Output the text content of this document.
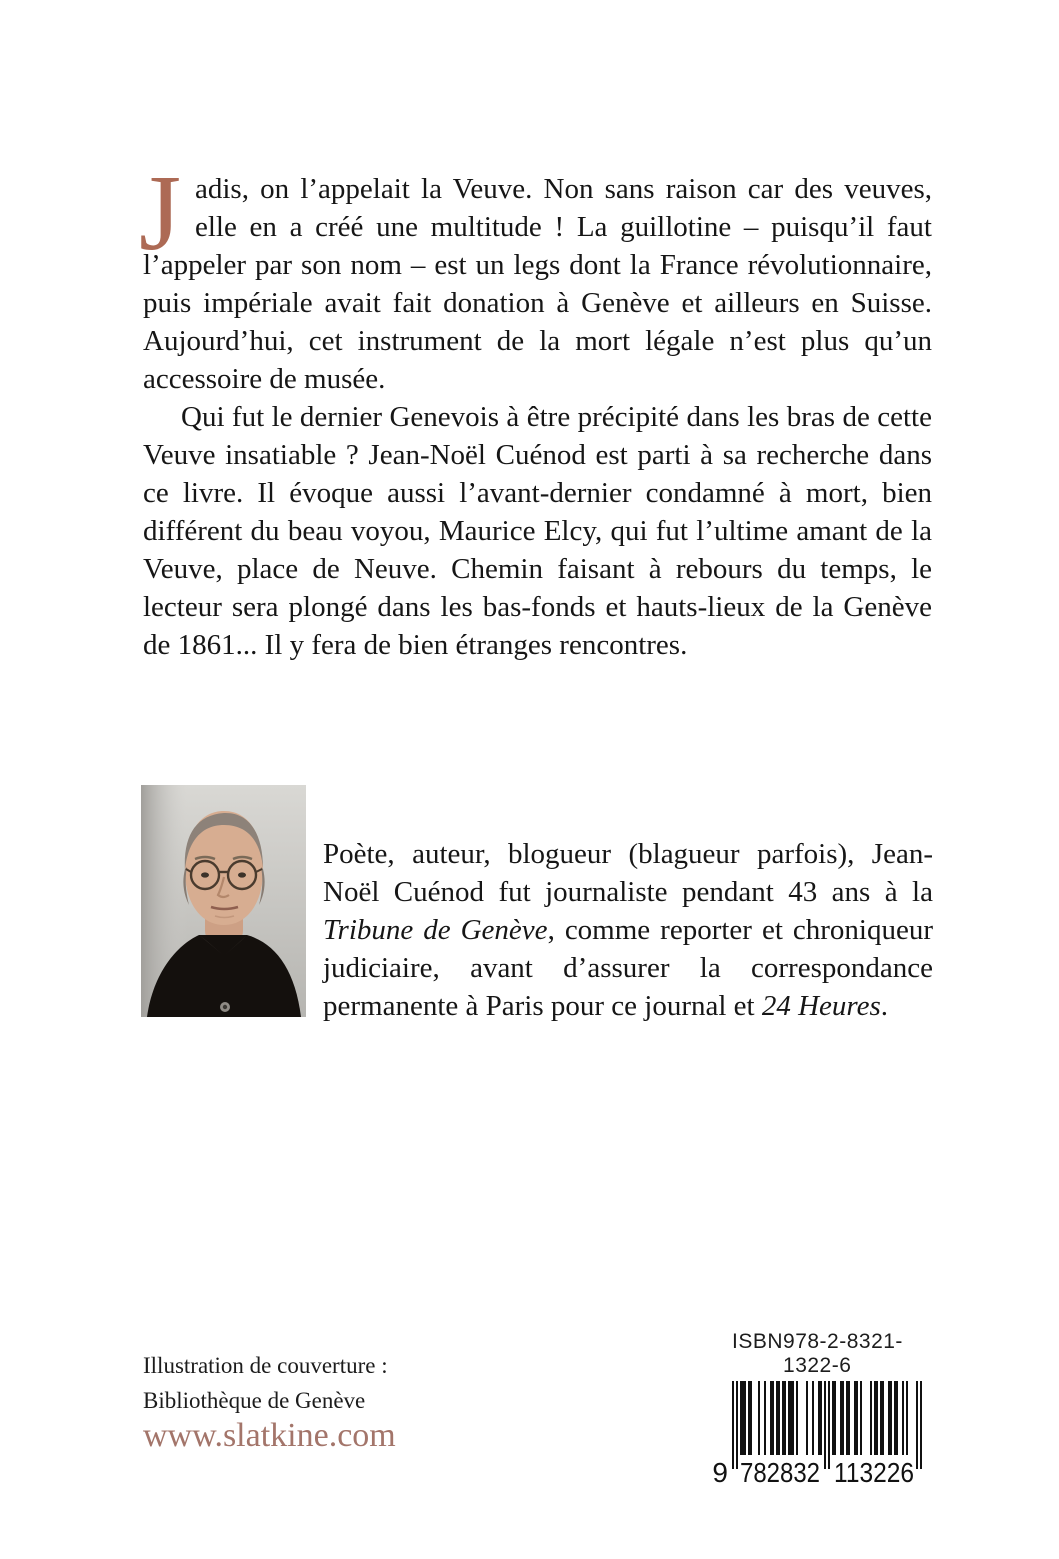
J adis, on l’appelait la Veuve. Non sans raison car des veuves, elle en a créé une multitude ! La guillotine – puisqu’il faut l’appeler par son nom – est un legs dont la France révolutionnaire, puis impériale avait fait donation à Genève et ailleurs en Suisse. Aujourd’hui, cet instrument de la mort légale n’est plus qu’un accessoire de musée.

Qui fut le dernier Genevois à être précipité dans les bras de cette Veuve insatiable ? Jean-Noël Cuénod est parti à sa recherche dans ce livre. Il évoque aussi l’avant-dernier condamné à mort, bien différent du beau voyou, Maurice Elcy, qui fut l’ultime amant de la Veuve, place de Neuve. Chemin faisant à rebours du temps, le lecteur sera plongé dans les bas-fonds et hauts-lieux de la Genève de 1861... Il y fera de bien étranges rencontres.

Poète, auteur, blogueur (blagueur parfois), Jean-Noël Cuénod fut journaliste pendant 43 ans à la Tribune de Genève, comme reporter et chroniqueur judiciaire, avant d’assurer la correspondance permanente à Paris pour ce journal et 24 Heures.
Illustration de couverture :
Bibliothèque de Genève
www.slatkine.com
ISBN 978-2-8321-1322-6
9 782832 113226
